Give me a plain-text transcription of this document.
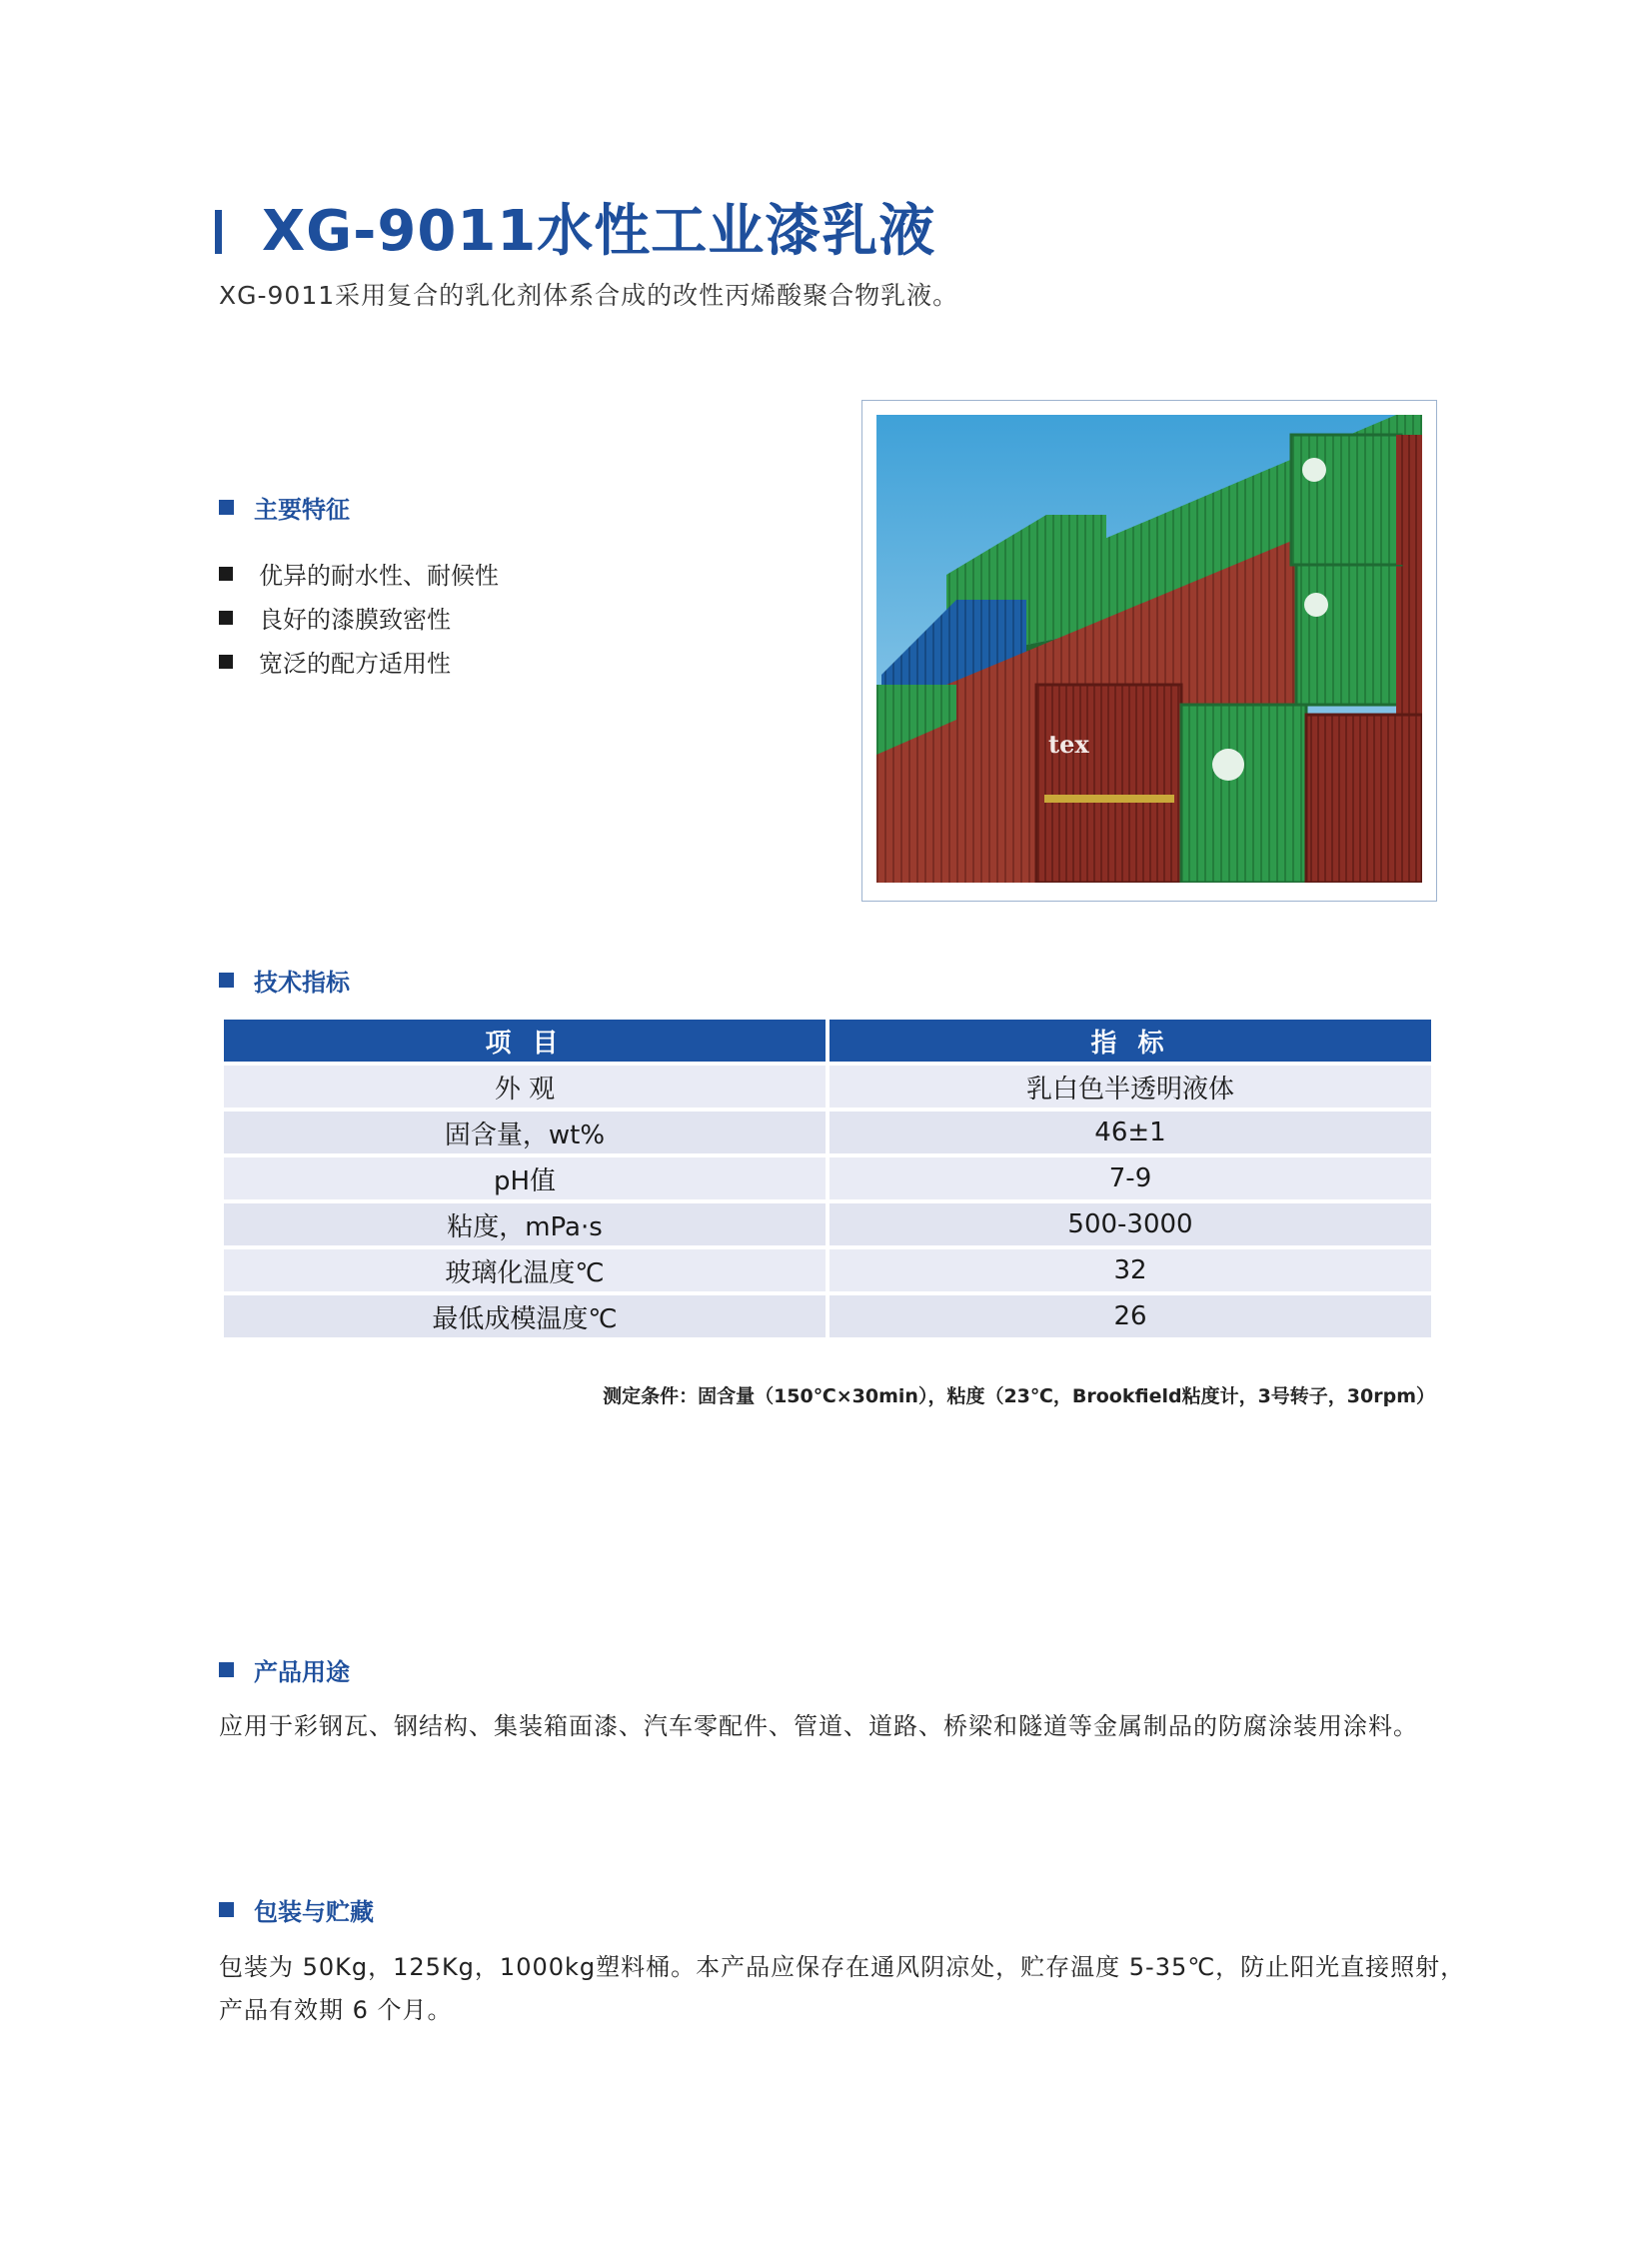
XG-9011水性工业漆乳液
XG-9011采用复合的乳化剂体系合成的改性丙烯酸聚合物乳液。
主要特征
优异的耐水性、耐候性
良好的漆膜致密性
宽泛的配方适用性
tex
技术指标
项 目	指 标
外 观	乳白色半透明液体
固含量，wt%	46±1
pH值	7-9
粘度，mPa·s	500-3000
玻璃化温度℃	32
最低成模温度℃	26
测定条件：固含量（150℃×30min），粘度（23℃，Brookfield粘度计，3号转子，30rpm）
产品用途
应用于彩钢瓦、钢结构、集装箱面漆、汽车零配件、管道、道路、桥梁和隧道等金属制品的防腐涂装用涂料。
包装与贮藏
包装为 50Kg，125Kg，1000kg塑料桶。本产品应保存在通风阴凉处，贮存温度 5-35℃，防止阳光直接照射，
产品有效期 6 个月。
